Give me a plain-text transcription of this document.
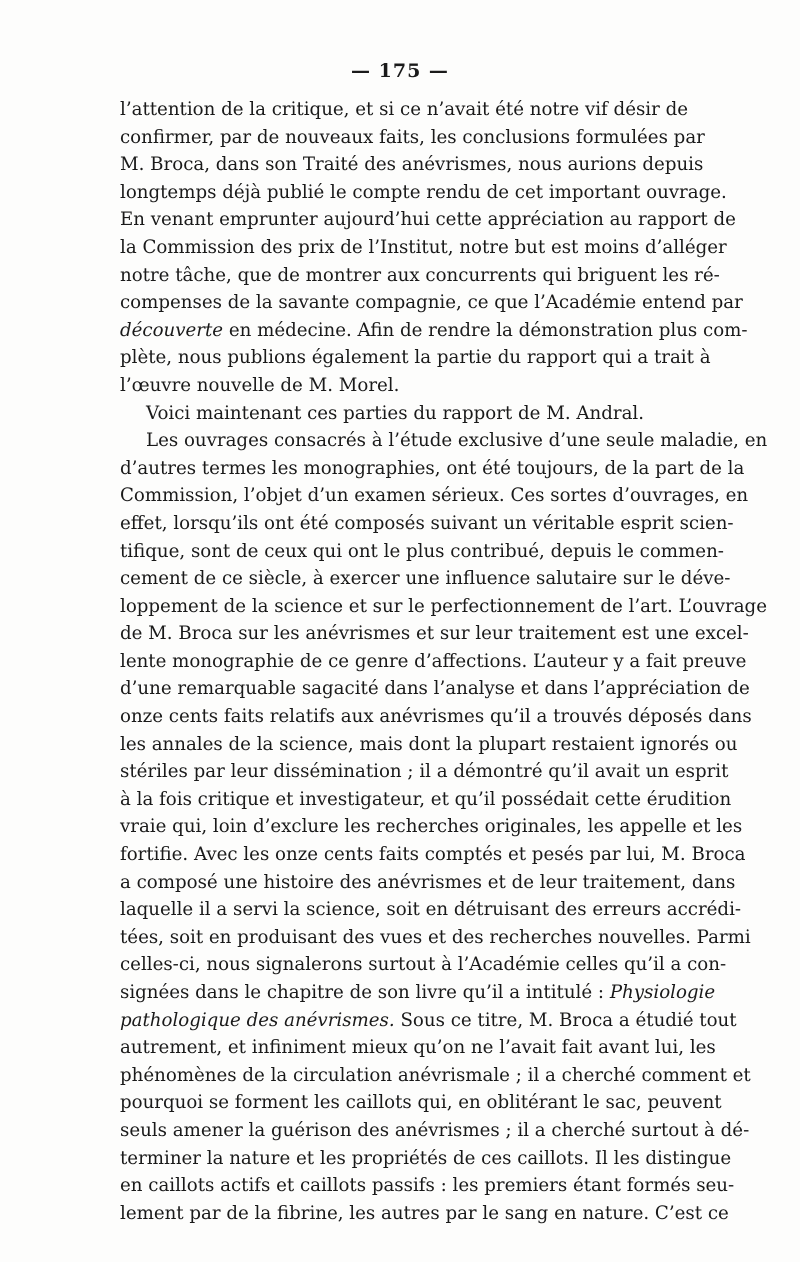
— 175 —
l’attention de la critique, et si ce n’avait été notre vif désir de
confirmer, par de nouveaux faits, les conclusions formulées par
M. Broca, dans son Traité des anévrismes, nous aurions depuis
longtemps déjà publié le compte rendu de cet important ouvrage.
En venant emprunter aujourd’hui cette appréciation au rapport de
la Commission des prix de l’Institut, notre but est moins d’alléger
notre tâche, que de montrer aux concurrents qui briguent les ré-
compenses de la savante compagnie, ce que l’Académie entend par
découverte en médecine. Afin de rendre la démonstration plus com-
plète, nous publions également la partie du rapport qui a trait à
l’œuvre nouvelle de M. Morel.
Voici maintenant ces parties du rapport de M. Andral.
Les ouvrages consacrés à l’étude exclusive d’une seule maladie, en
d’autres termes les monographies, ont été toujours, de la part de la
Commission, l’objet d’un examen sérieux. Ces sortes d’ouvrages, en
effet, lorsqu’ils ont été composés suivant un véritable esprit scien-
tifique, sont de ceux qui ont le plus contribué, depuis le commen-
cement de ce siècle, à exercer une influence salutaire sur le déve-
loppement de la science et sur le perfectionnement de l’art. L’ouvrage
de M. Broca sur les anévrismes et sur leur traitement est une excel-
lente monographie de ce genre d’affections. L’auteur y a fait preuve
d’une remarquable sagacité dans l’analyse et dans l’appréciation de
onze cents faits relatifs aux anévrismes qu’il a trouvés déposés dans
les annales de la science, mais dont la plupart restaient ignorés ou
stériles par leur dissémination ; il a démontré qu’il avait un esprit
à la fois critique et investigateur, et qu’il possédait cette érudition
vraie qui, loin d’exclure les recherches originales, les appelle et les
fortifie. Avec les onze cents faits comptés et pesés par lui, M. Broca
a composé une histoire des anévrismes et de leur traitement, dans
laquelle il a servi la science, soit en détruisant des erreurs accrédi-
tées, soit en produisant des vues et des recherches nouvelles. Parmi
celles-ci, nous signalerons surtout à l’Académie celles qu’il a con-
signées dans le chapitre de son livre qu’il a intitulé : Physiologie
pathologique des anévrismes. Sous ce titre, M. Broca a étudié tout
autrement, et infiniment mieux qu’on ne l’avait fait avant lui, les
phénomènes de la circulation anévrismale ; il a cherché comment et
pourquoi se forment les caillots qui, en oblitérant le sac, peuvent
seuls amener la guérison des anévrismes ; il a cherché surtout à dé-
terminer la nature et les propriétés de ces caillots. Il les distingue
en caillots actifs et caillots passifs : les premiers étant formés seu-
lement par de la fibrine, les autres par le sang en nature. C’est ce
